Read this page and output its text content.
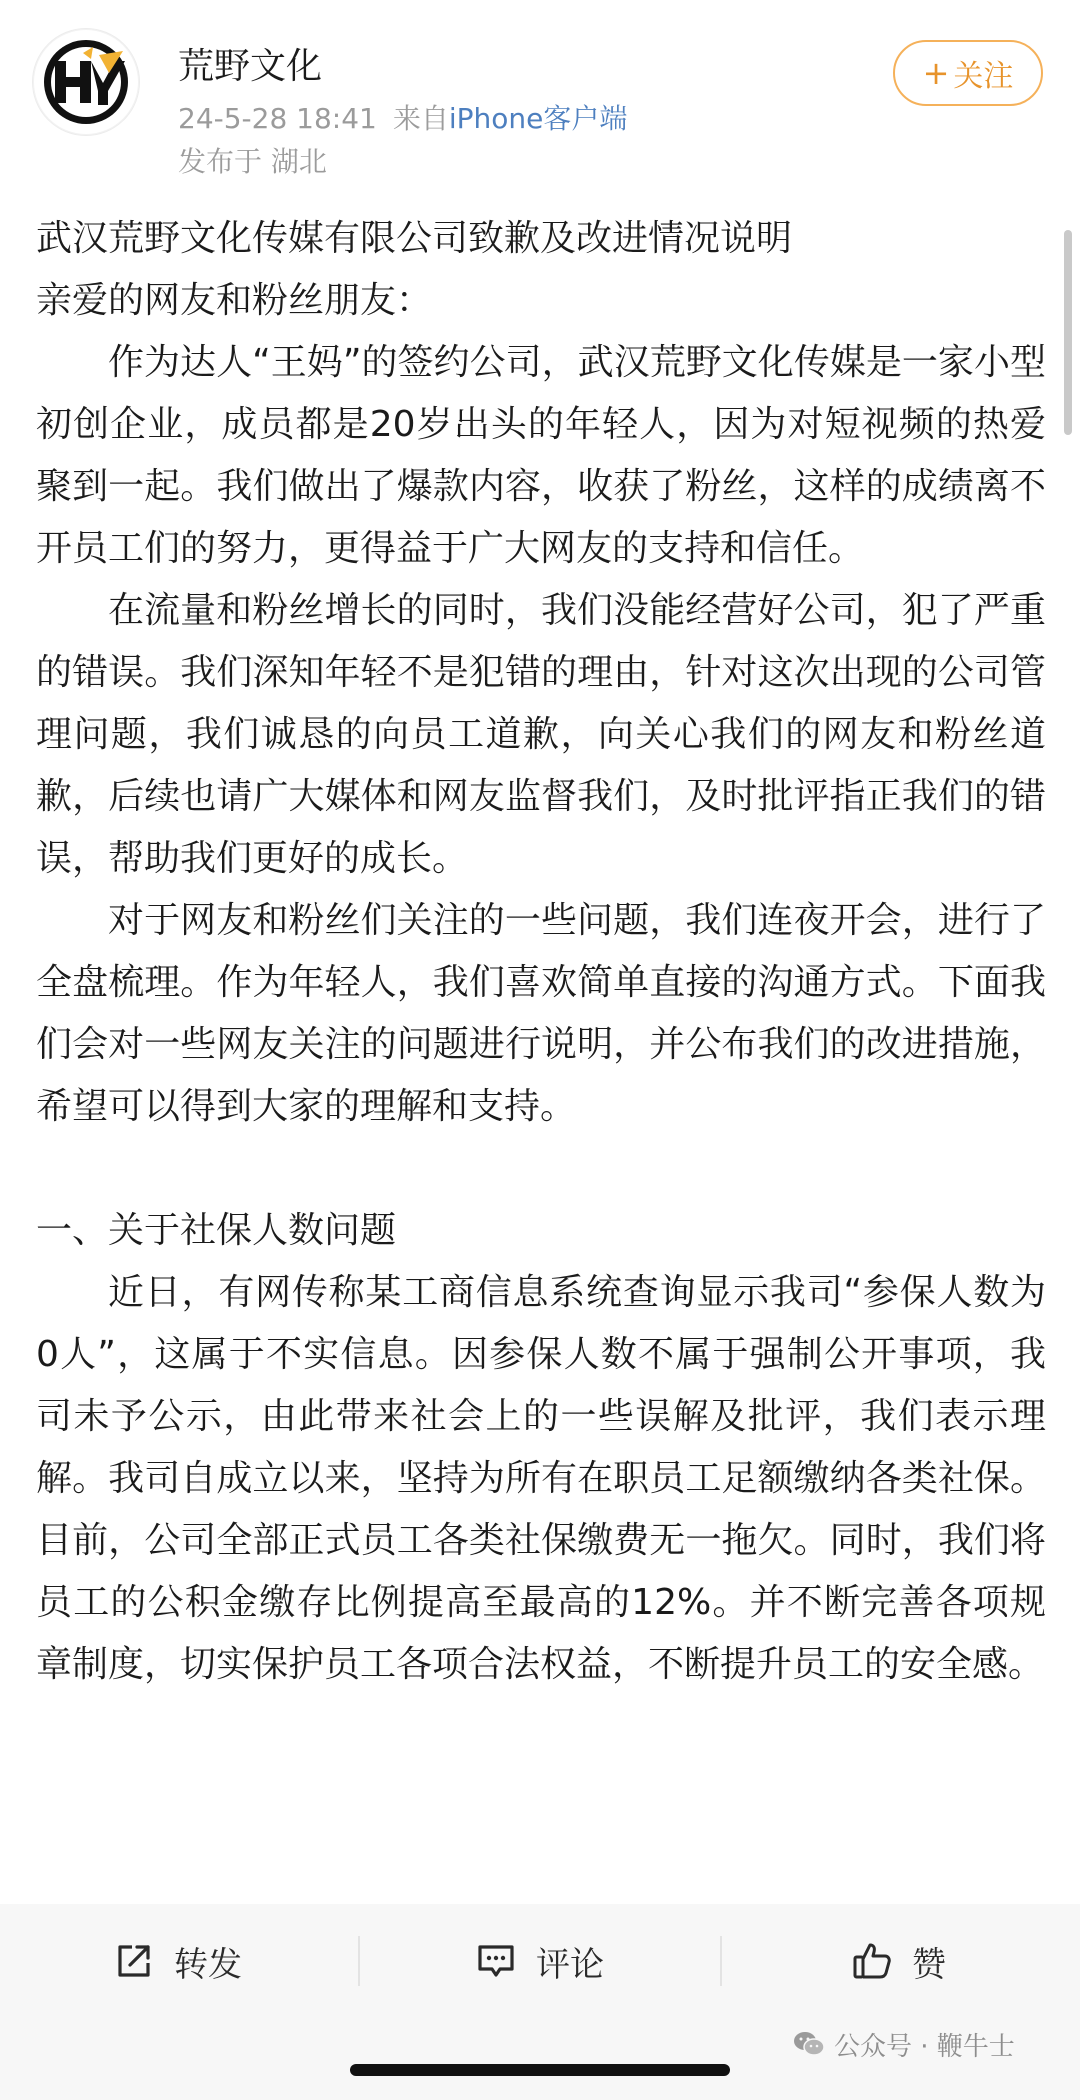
荒野文化
24-5-28 18:41 来自iPhone客户端
发布于 湖北
+ 关注

武汉荒野文化传媒有限公司致歉及改进情况说明

亲爱的网友和粉丝朋友：

作为达人“王妈”的签约公司，武汉荒野文化传媒是一家小型初创企业，成员都是20岁出头的年轻人，因为对短视频的热爱聚到一起。我们做出了爆款内容，收获了粉丝，这样的成绩离不开员工们的努力，更得益于广大网友的支持和信任。

在流量和粉丝增长的同时，我们没能经营好公司，犯了严重的错误。我们深知年轻不是犯错的理由，针对这次出现的公司管理问题，我们诚恳的向员工道歉，向关心我们的网友和粉丝道歉，后续也请广大媒体和网友监督我们，及时批评指正我们的错误，帮助我们更好的成长。

对于网友和粉丝们关注的一些问题，我们连夜开会，进行了全盘梳理。作为年轻人，我们喜欢简单直接的沟通方式。下面我们会对一些网友关注的问题进行说明，并公布我们的改进措施，希望可以得到大家的理解和支持。

一、关于社保人数问题

近日，有网传称某工商信息系统查询显示我司“参保人数为0人”，这属于不实信息。因参保人数不属于强制公开事项，我司未予公示，由此带来社会上的一些误解及批评，我们表示理解。我司自成立以来，坚持为所有在职员工足额缴纳各类社保。目前，公司全部正式员工各类社保缴费无一拖欠。同时，我们将员工的公积金缴存比例提高至最高的12%。并不断完善各项规章制度，切实保护员工各项合法权益，不断提升员工的安全感。

转发	评论	赞
公众号 · 鞭牛士
